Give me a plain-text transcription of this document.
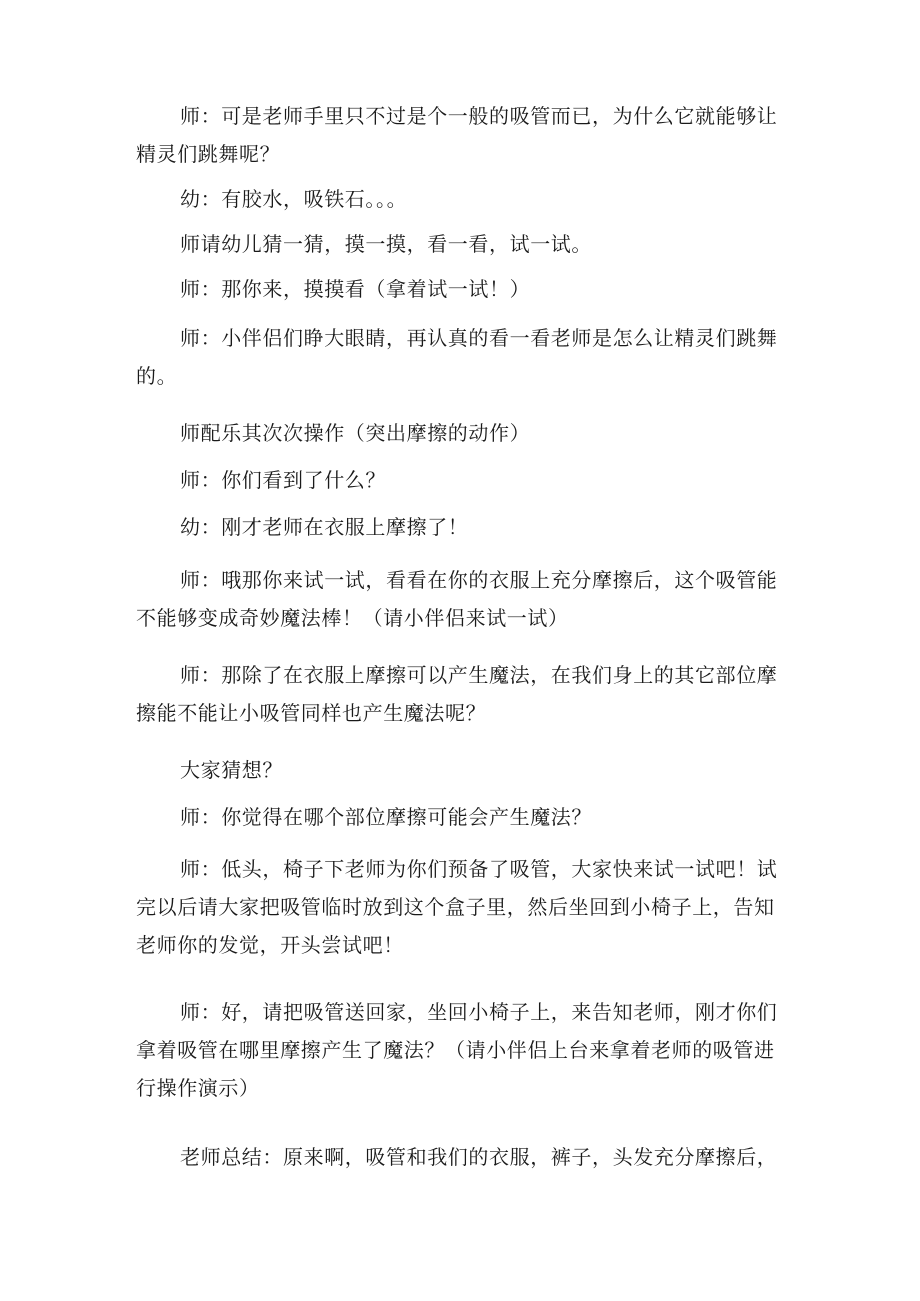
师：可是老师手里只不过是个一般的吸管而已，为什么它就能够让精灵们跳舞呢？

幼：有胶水，吸铁石。。。

师请幼儿猜一猜，摸一摸，看一看，试一试。

师：那你来，摸摸看（拿着试一试！）

师：小伴侣们睁大眼睛，再认真的看一看老师是怎么让精灵们跳舞的。

师配乐其次次操作（突出摩擦的动作）

师：你们看到了什么？

幼：刚才老师在衣服上摩擦了！

师：哦那你来试一试，看看在你的衣服上充分摩擦后，这个吸管能不能够变成奇妙魔法棒！（请小伴侣来试一试）

师：那除了在衣服上摩擦可以产生魔法，在我们身上的其它部位摩擦能不能让小吸管同样也产生魔法呢？

大家猜想？

师：你觉得在哪个部位摩擦可能会产生魔法？

师：低头，椅子下老师为你们预备了吸管，大家快来试一试吧！试完以后请大家把吸管临时放到这个盒子里，然后坐回到小椅子上，告知老师你的发觉，开头尝试吧！

师：好，请把吸管送回家，坐回小椅子上，来告知老师，刚才你们拿着吸管在哪里摩擦产生了魔法？（请小伴侣上台来拿着老师的吸管进行操作演示）

老师总结：原来啊，吸管和我们的衣服，裤子，头发充分摩擦后，
